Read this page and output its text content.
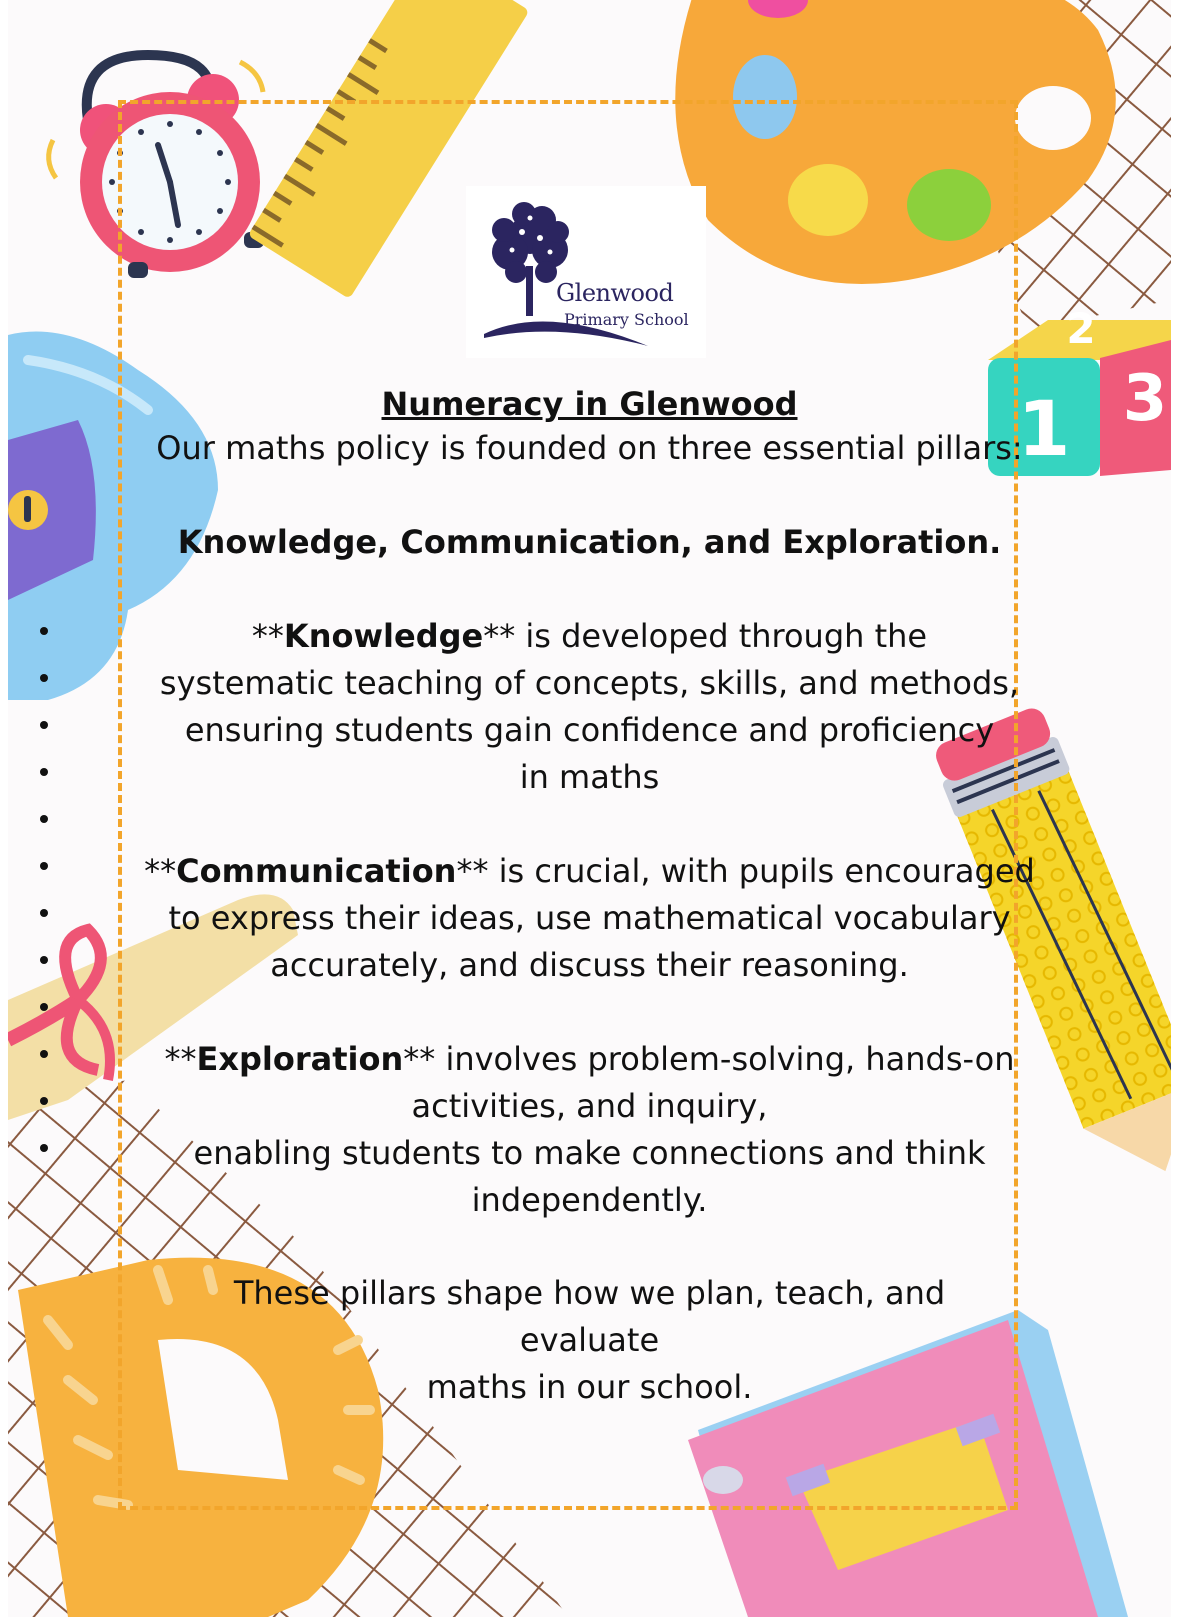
1
2
3
Glenwood
Primary School
Numeracy in Glenwood
Our maths policy is founded on three essential pillars:
Knowledge, Communication, and Exploration.
**Knowledge** is developed through the
systematic teaching of concepts, skills, and methods,
ensuring students gain confidence and proficiency
in maths
**Communication** is crucial, with pupils encouraged
to express their ideas, use mathematical vocabulary
accurately, and discuss their reasoning.
**Exploration** involves problem-solving, hands-on
activities, and inquiry,
enabling students to make connections and think
independently.
These pillars shape how we plan, teach, and
evaluate
maths in our school.
